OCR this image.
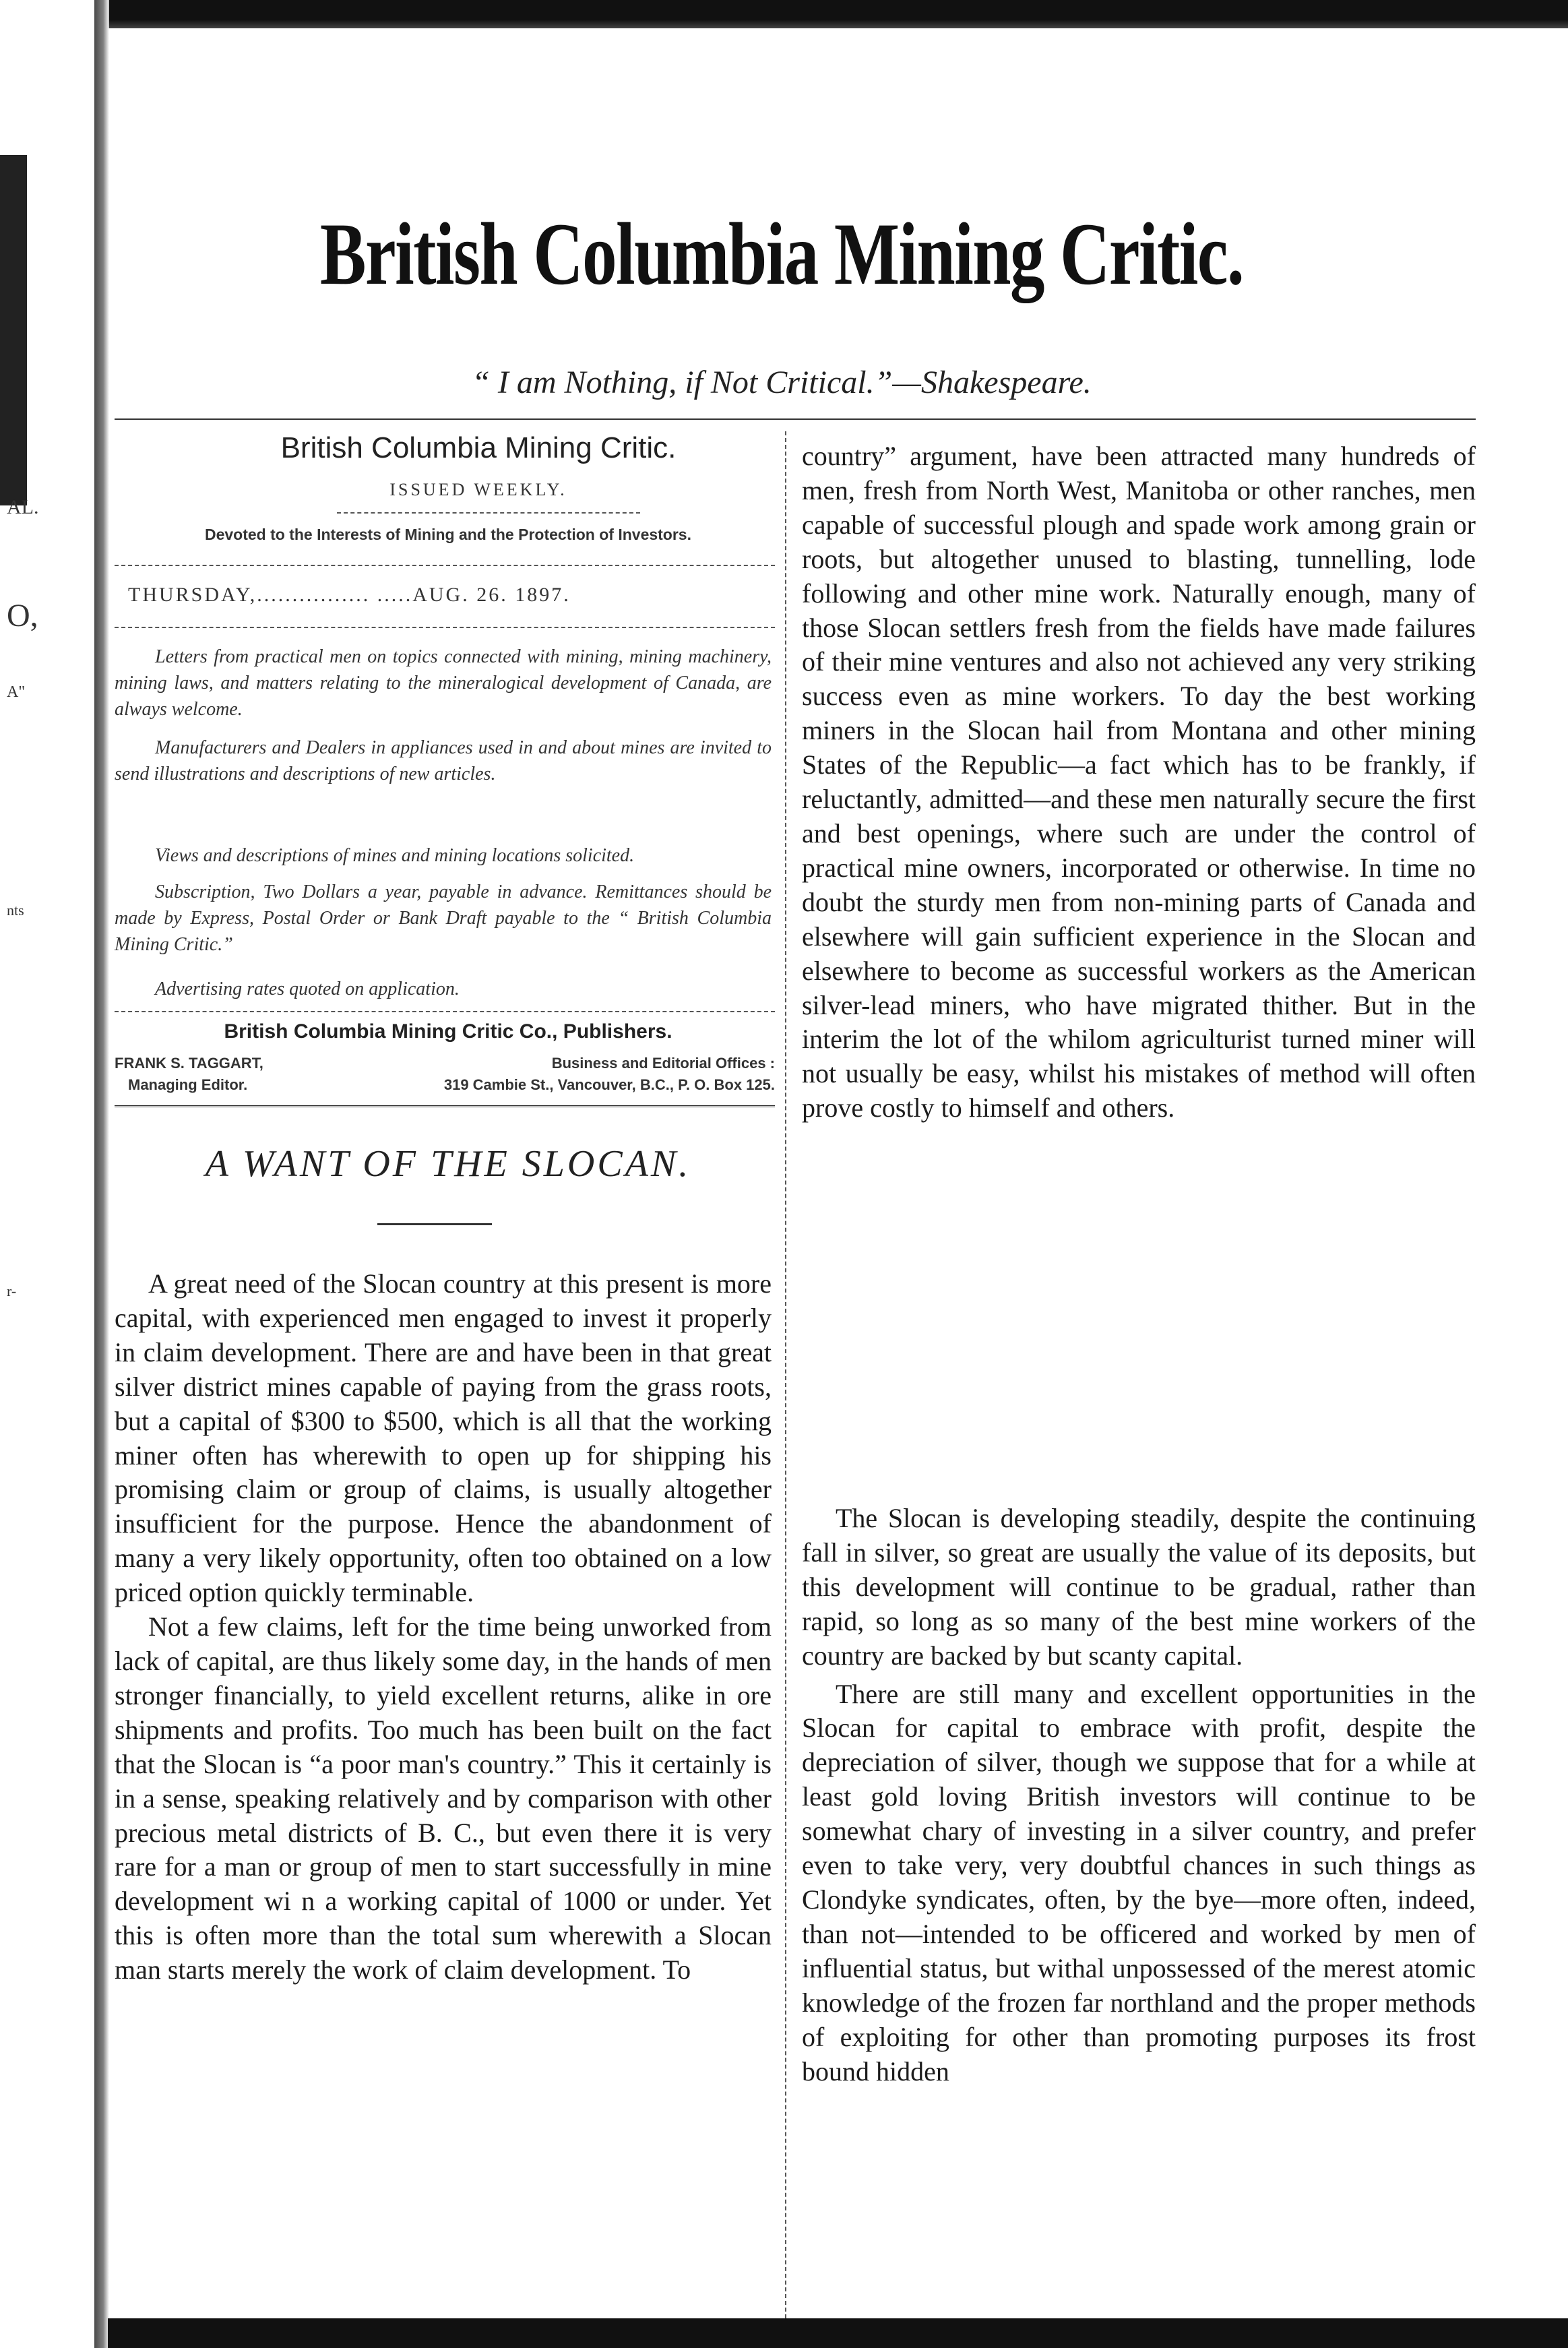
AL.
O,
A"
nts
r-
British Columbia Mining Critic.
“ I am Nothing, if Not Critical.”—Shakespeare.
British Columbia Mining Critic.
ISSUED WEEKLY.
Devoted to the Interests of Mining and the Protection of Investors.
THURSDAY,................ .....AUG. 26. 1897.
Letters from practical men on topics connected with mining, mining machinery, mining laws, and matters relating to the mineralogical development of Canada, are always welcome.
Manufacturers and Dealers in appliances used in and about mines are invited to send illustrations and descriptions of new articles.
Views and descriptions of mines and mining locations solicited.
Subscription, Two Dollars a year, payable in advance. Remittances should be made by Express, Postal Order or Bank Draft payable to the “ British Columbia Mining Critic.”
Advertising rates quoted on application.
British Columbia Mining Critic Co., Publishers.
FRANK S. TAGGART,
Managing Editor.
Business and Editorial Offices :
319 Cambie St., Vancouver, B.C., P. O. Box 125.
A WANT OF THE SLOCAN.

A great need of the Slocan country at this present is more capital, with experienced men engaged to invest it properly in claim development. There are and have been in that great silver district mines capable of paying from the grass roots, but a capital of $300 to $500, which is all that the working miner often has wherewith to open up for shipping his promising claim or group of claims, is usually altogether insufficient for the purpose. Hence the abandonment of many a very likely opportunity, often too obtained on a low priced option quickly terminable.

Not a few claims, left for the time being unworked from lack of capital, are thus likely some day, in the hands of men stronger financially, to yield excellent returns, alike in ore shipments and profits. Too much has been built on the fact that the Slocan is “a poor man's country.” This it certainly is in a sense, speaking relatively and by comparison with other precious metal districts of B. C., but even there it is very rare for a man or group of men to start successfully in mine development wi n a working capital of 1000 or under. Yet this is often more than the total sum wherewith a Slocan man starts merely the work of claim development. To

country” argument, have been attracted many hundreds of men, fresh from North West, Manitoba or other ranches, men capable of successful plough and spade work among grain or roots, but altogether unused to blasting, tunnelling, lode following and other mine work. Naturally enough, many of those Slocan settlers fresh from the fields have made failures of their mine ventures and also not achieved any very striking success even as mine workers. To day the best working miners in the Slocan hail from Montana and other mining States of the Republic—a fact which has to be frankly, if reluctantly, admitted—and these men naturally secure the first and best openings, where such are under the control of practical mine owners, incorporated or otherwise. In time no doubt the sturdy men from non-mining parts of Canada and elsewhere will gain sufficient experience in the Slocan and elsewhere to become as successful workers as the American silver-lead miners, who have migrated thither. But in the interim the lot of the whilom agriculturist turned miner will not usually be easy, whilst his mistakes of method will often prove costly to himself and others.

The Slocan is developing steadily, despite the continuing fall in silver, so great are usually the value of its deposits, but this development will continue to be gradual, rather than rapid, so long as so many of the best mine workers of the country are backed by but scanty capital.

There are still many and excellent opportunities in the Slocan for capital to embrace with profit, despite the depreciation of silver, though we suppose that for a while at least gold loving British investors will continue to be somewhat chary of investing in a silver country, and prefer even to take very, very doubtful chances in such things as Clondyke syndicates, often, by the bye—more often, indeed, than not—intended to be officered and worked by men of influential status, but withal unpossessed of the merest atomic knowledge of the frozen far northland and the proper methods of exploiting for other than promoting purposes its frost bound hidden
